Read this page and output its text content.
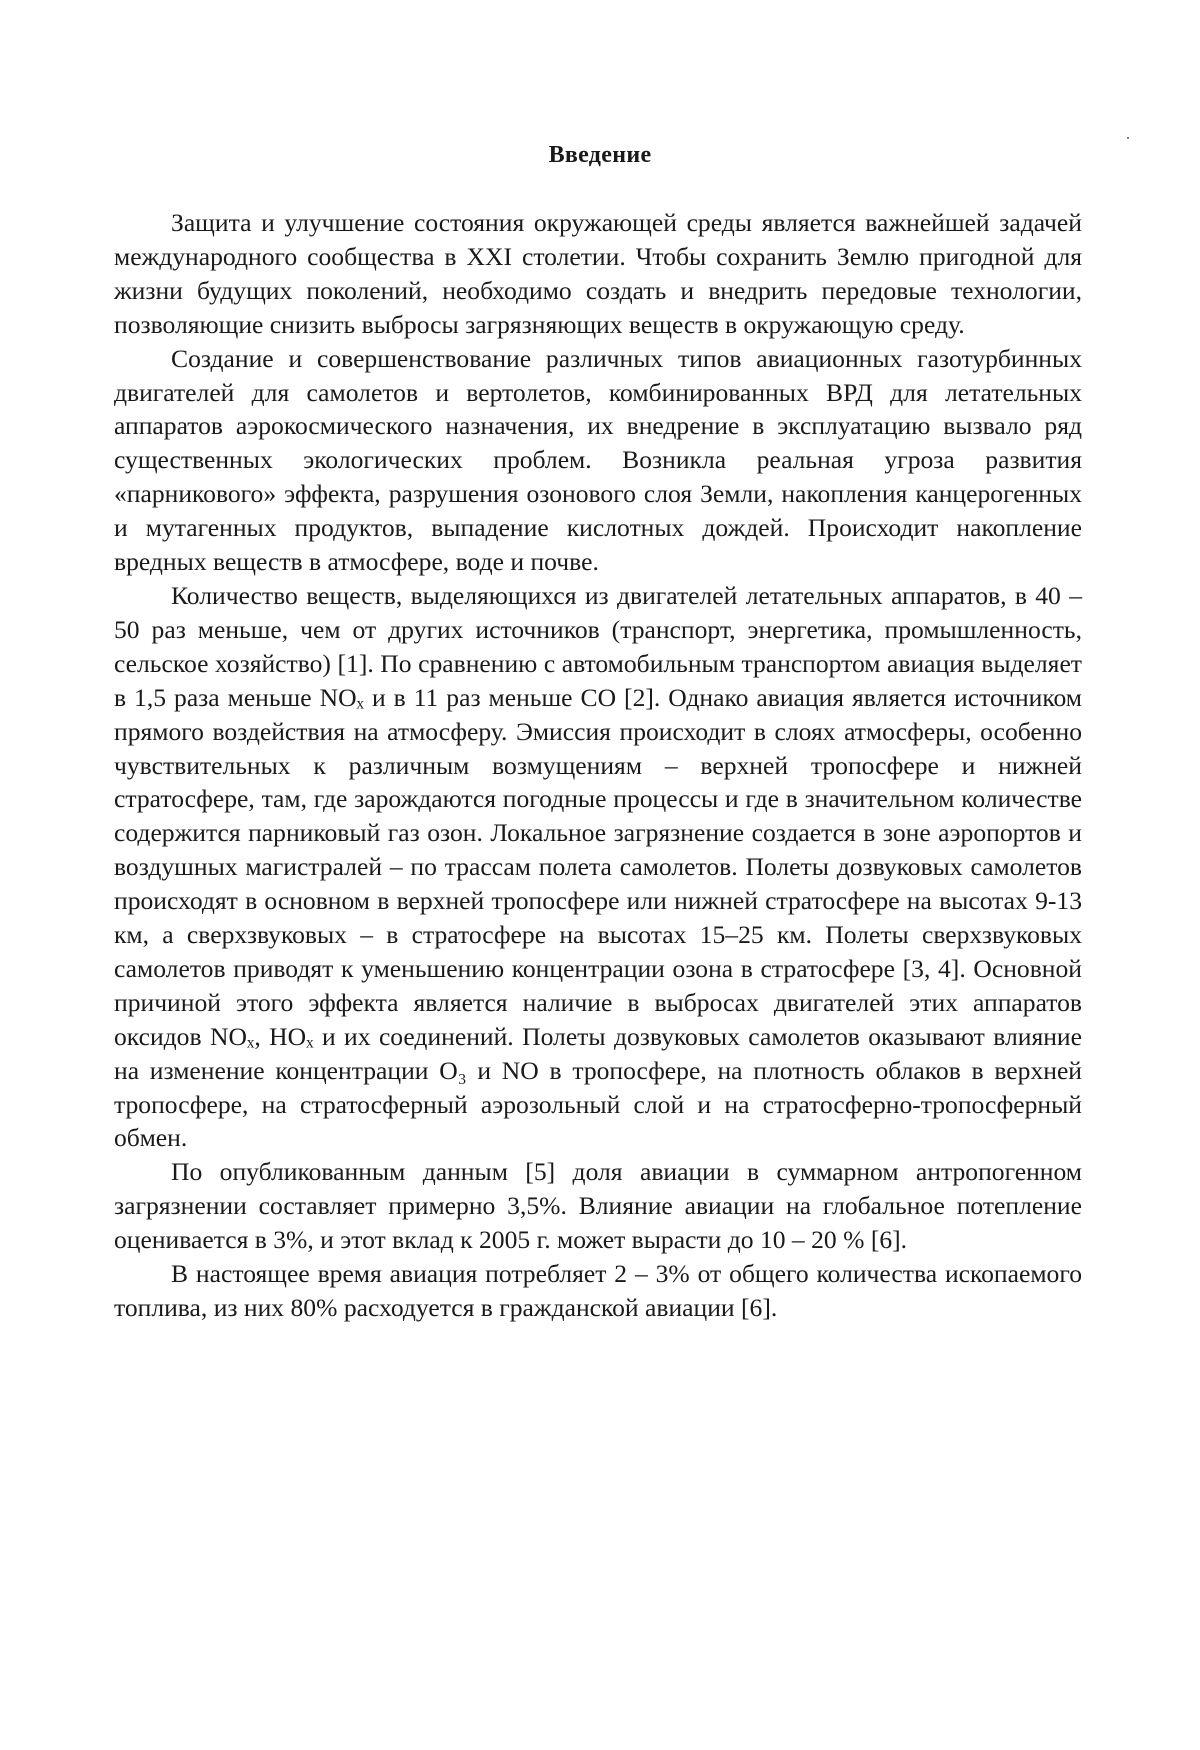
Введение

Защита и улучшение состояния окружающей среды является важнейшей задачей международного сообщества в XXI столетии. Чтобы сохранить Землю пригодной для жизни будущих поколений, необходимо создать и внедрить передовые технологии, позволяющие снизить выбросы загрязняющих веществ в окружающую среду.

Создание и совершенствование различных типов авиационных газотурбинных двигателей для самолетов и вертолетов, комбинированных ВРД для летательных аппаратов аэрокосмического назначения, их внедрение в эксплуатацию вызвало ряд существенных экологических проблем. Возникла реальная угроза развития «парникового» эффекта, разрушения озонового слоя Земли, накопления канцерогенных и мутагенных продуктов, выпадение кислотных дождей. Происходит накопление вредных веществ в атмосфере, воде и почве.

Количество веществ, выделяющихся из двигателей летательных аппаратов, в 40 – 50 раз меньше, чем от других источников (транспорт, энергетика, промышленность, сельское хозяйство) [1]. По сравнению с автомобильным транспортом авиация выделяет в 1,5 раза меньше NOₓ и в 11 раз меньше CO [2]. Однако авиация является источником прямого воздействия на атмосферу. Эмиссия происходит в слоях атмосферы, особенно чувствительных к различным возмущениям – верхней тропосфере и нижней стратосфере, там, где зарождаются погодные процессы и где в значительном количестве содержится парниковый газ озон. Локальное загрязнение создается в зоне аэропортов и воздушных магистралей – по трассам полета самолетов. Полеты дозвуковых самолетов происходят в основном в верхней тропосфере или нижней стратосфере на высотах 9-13 км, а сверхзвуковых – в стратосфере на высотах 15–25 км. Полеты сверхзвуковых самолетов приводят к уменьшению концентрации озона в стратосфере [3, 4]. Основной причиной этого эффекта является наличие в выбросах двигателей этих аппаратов оксидов NOₓ, HOₓ и их соединений. Полеты дозвуковых самолетов оказывают влияние на изменение концентрации O₃ и NO в тропосфере, на плотность облаков в верхней тропосфере, на стратосферный аэрозольный слой и на стратосферно-тропосферный обмен.

По опубликованным данным [5] доля авиации в суммарном антропогенном загрязнении составляет примерно 3,5%. Влияние авиации на глобальное потепление оценивается в 3%, и этот вклад к 2005 г. может вырасти до 10 – 20 % [6].

В настоящее время авиация потребляет 2 – 3% от общего количества ископаемого топлива, из них 80% расходуется в гражданской авиации [6].
